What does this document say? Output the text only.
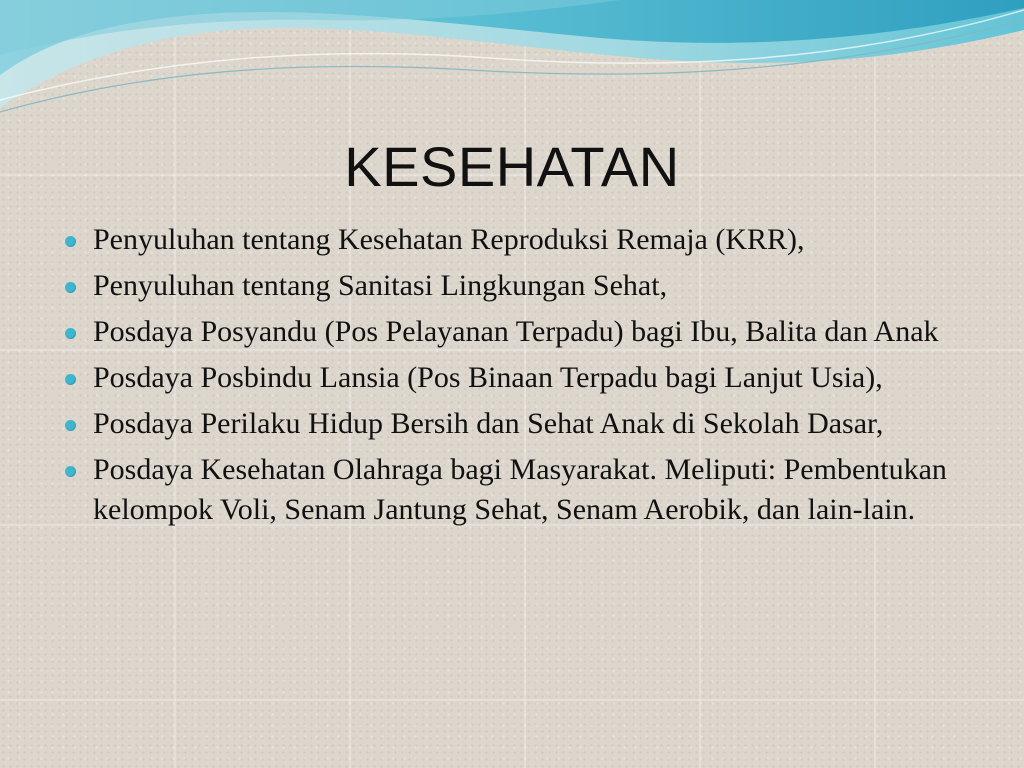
KESEHATAN
Penyuluhan tentang Kesehatan Reproduksi Remaja (KRR),
Penyuluhan tentang Sanitasi Lingkungan Sehat,
Posdaya Posyandu (Pos Pelayanan Terpadu) bagi Ibu, Balita dan Anak
Posdaya Posbindu Lansia (Pos Binaan Terpadu bagi Lanjut Usia),
Posdaya Perilaku Hidup Bersih dan Sehat Anak di Sekolah Dasar,
Posdaya Kesehatan Olahraga bagi Masyarakat. Meliputi: Pembentukan kelompok Voli, Senam Jantung Sehat, Senam Aerobik, dan lain-lain.
